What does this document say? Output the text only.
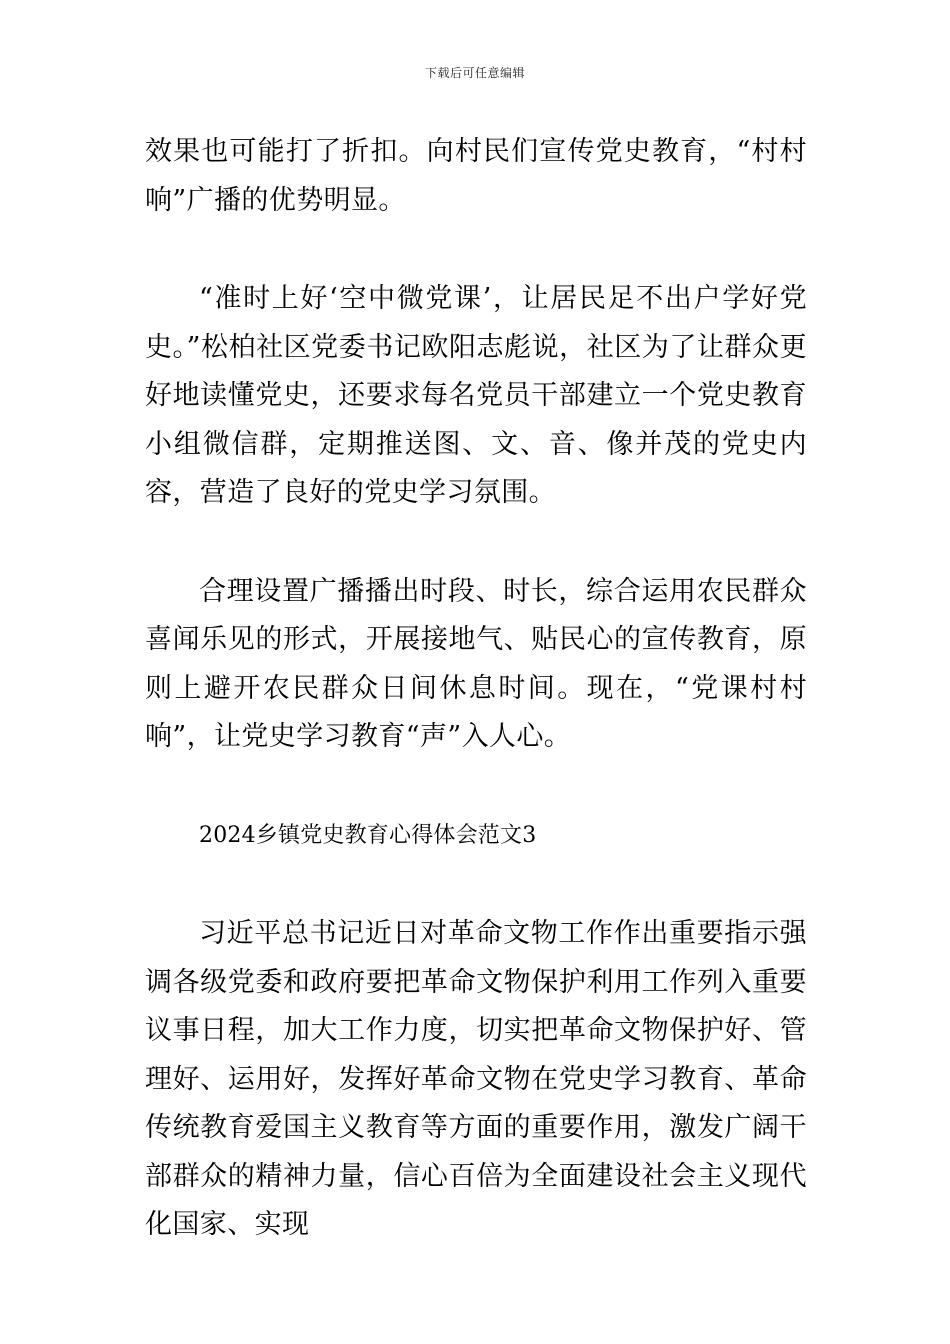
下载后可任意编辑

效果也可能打了折扣。向村民们宣传党史教育，“村村响”广播的优势明显。

“准时上好‘空中微党课’，让居民足不出户学好党史。”松柏社区党委书记欧阳志彪说，社区为了让群众更好地读懂党史，还要求每名党员干部建立一个党史教育小组微信群，定期推送图、文、音、像并茂的党史内容，营造了良好的党史学习氛围。

合理设置广播播出时段、时长，综合运用农民群众喜闻乐见的形式，开展接地气、贴民心的宣传教育，原则上避开农民群众日间休息时间。现在，“党课村村响”，让党史学习教育“声”入人心。

2024乡镇党史教育心得体会范文3

习近平总书记近日对革命文物工作作出重要指示强调各级党委和政府要把革命文物保护利用工作列入重要议事日程，加大工作力度，切实把革命文物保护好、管理好、运用好，发挥好革命文物在党史学习教育、革命传统教育爱国主义教育等方面的重要作用，激发广阔干部群众的精神力量，信心百倍为全面建设社会主义现代化国家、实现
